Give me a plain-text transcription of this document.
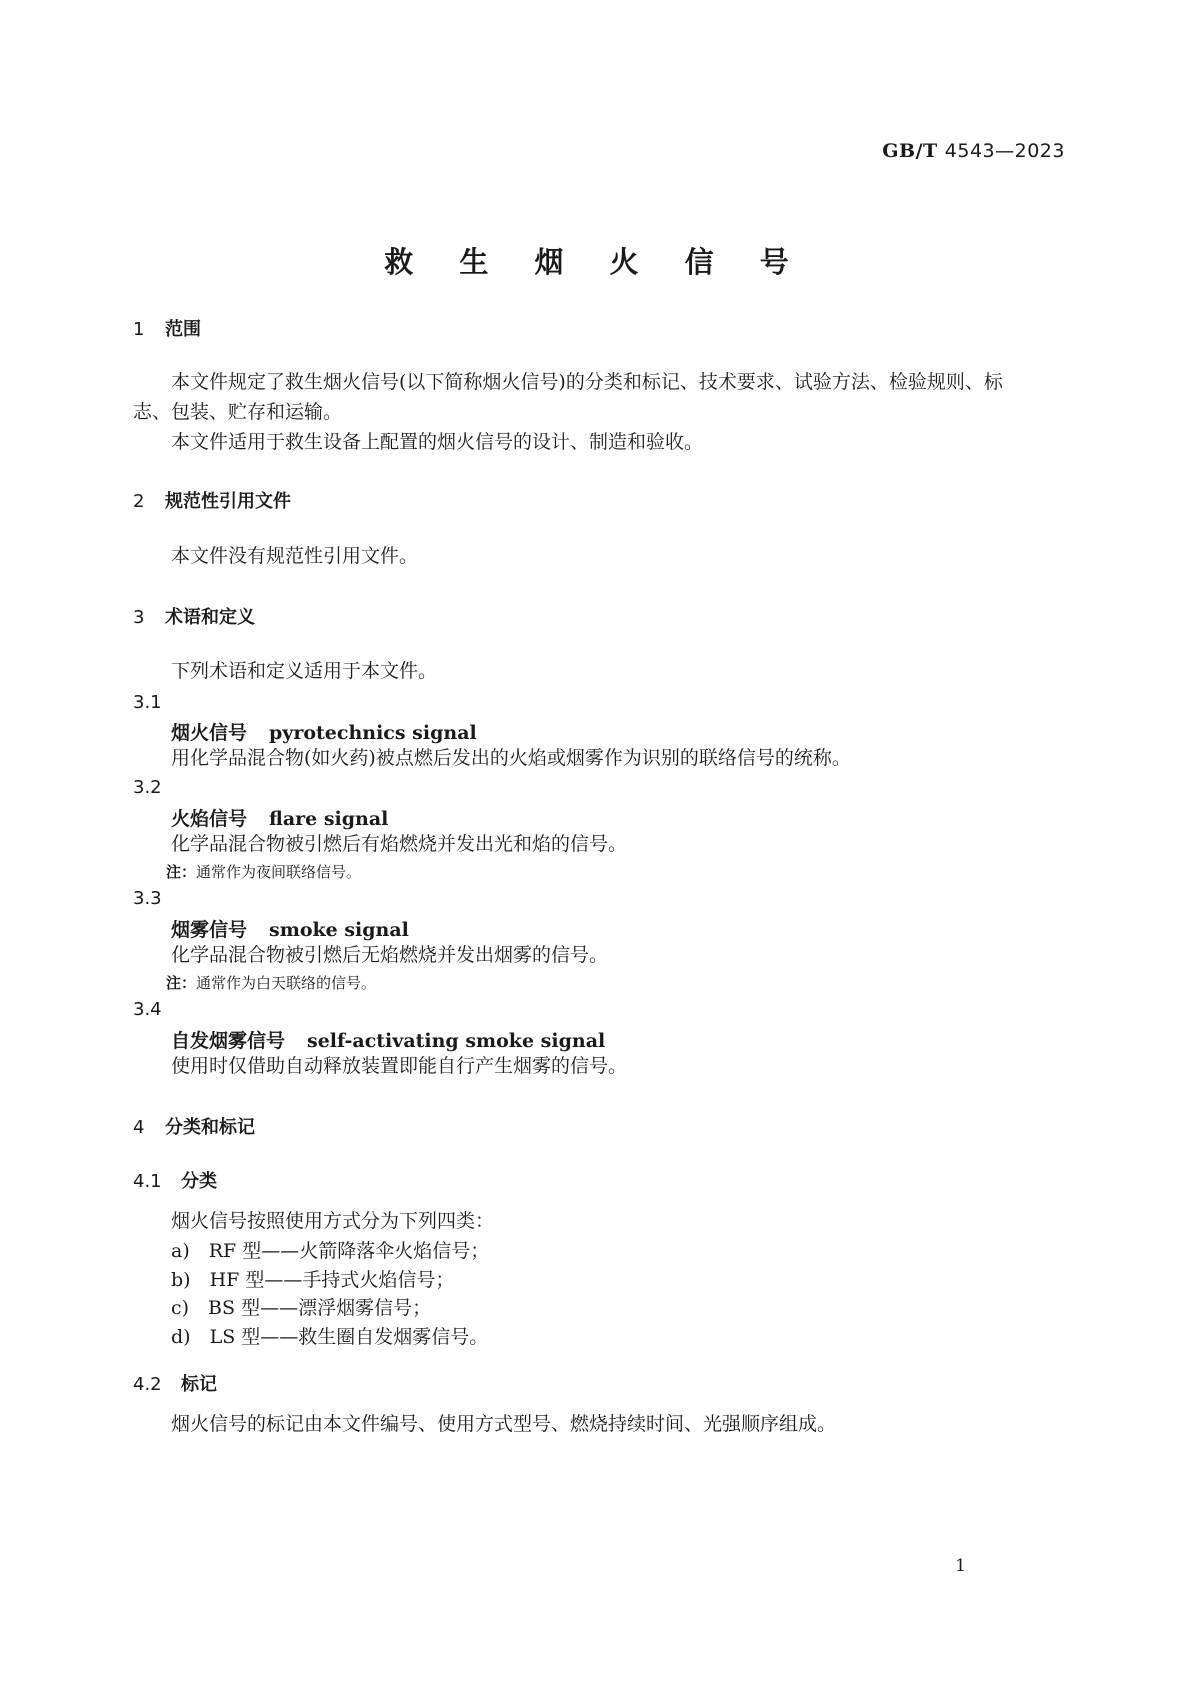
GB/T 4543—2023
救 生 烟 火 信 号
1 范围
本文件规定了救生烟火信号(以下简称烟火信号)的分类和标记、技术要求、试验方法、检验规则、标
志、包装、贮存和运输。
本文件适用于救生设备上配置的烟火信号的设计、制造和验收。
2 规范性引用文件
本文件没有规范性引用文件。
3 术语和定义
下列术语和定义适用于本文件。
3.1
烟火信号 pyrotechnics signal
用化学品混合物(如火药)被点燃后发出的火焰或烟雾作为识别的联络信号的统称。
3.2
火焰信号 flare signal
化学品混合物被引燃后有焰燃烧并发出光和焰的信号。
注：通常作为夜间联络信号。
3.3
烟雾信号 smoke signal
化学品混合物被引燃后无焰燃烧并发出烟雾的信号。
注：通常作为白天联络的信号。
3.4
自发烟雾信号 self-activating smoke signal
使用时仅借助自动释放装置即能自行产生烟雾的信号。
4 分类和标记
4.1 分类
烟火信号按照使用方式分为下列四类：
a)　RF 型——火箭降落伞火焰信号；
b)　HF 型——手持式火焰信号；
c)　BS 型——漂浮烟雾信号；
d)　LS 型——救生圈自发烟雾信号。
4.2 标记
烟火信号的标记由本文件编号、使用方式型号、燃烧持续时间、光强顺序组成。
1
